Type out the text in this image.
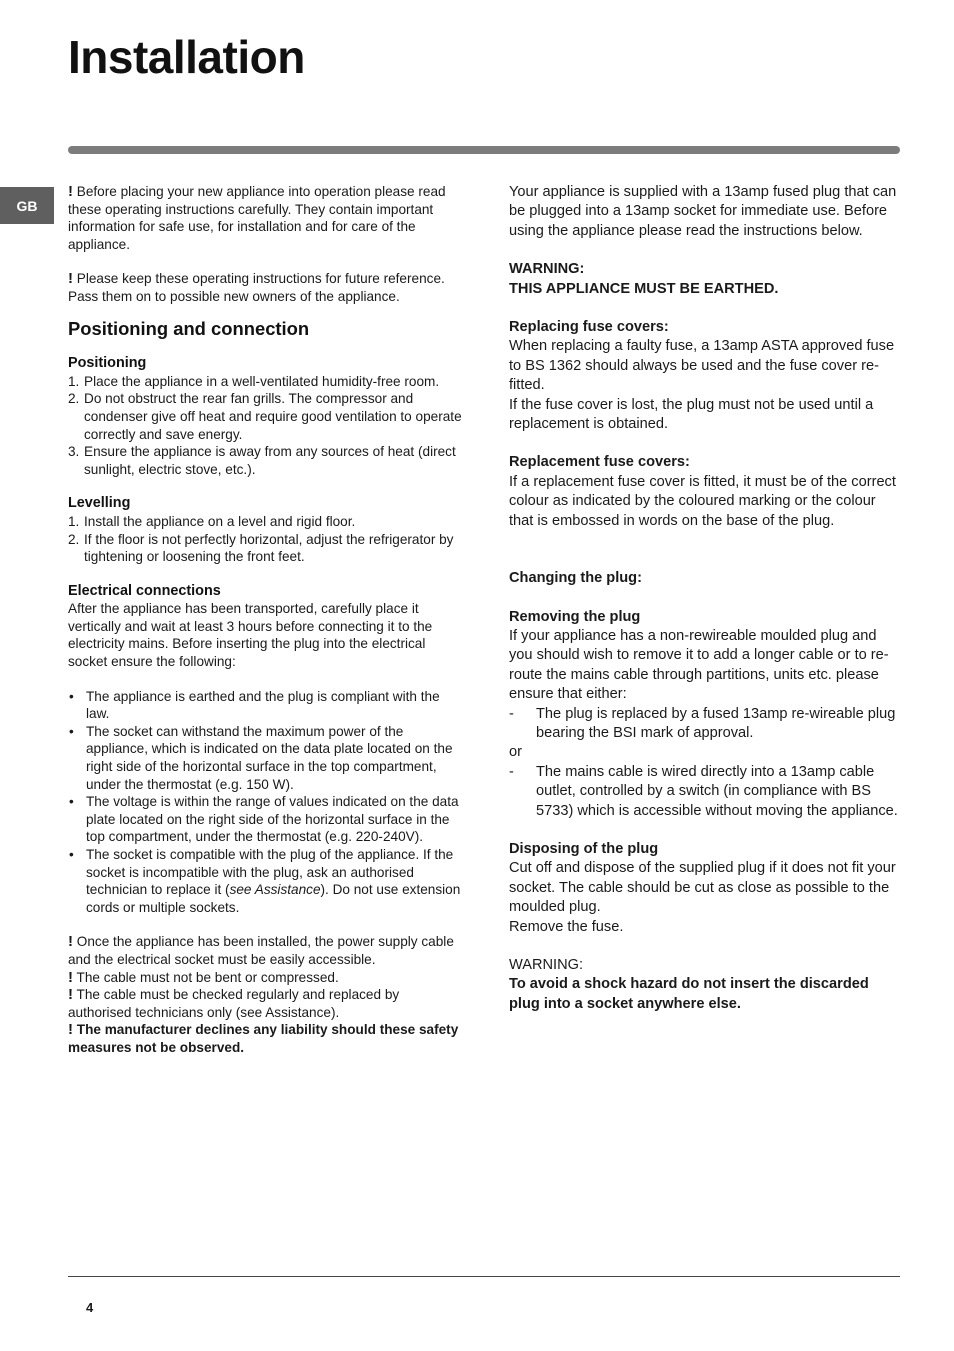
Installation
GB

! Before placing your new appliance into operation please read these operating instructions carefully. They contain important information for safe use, for installation and for care of the appliance.

! Please keep these operating instructions for future reference. Pass them on to possible new owners of the appliance.

Positioning and connection
Positioning
1. Place the appliance in a well-ventilated humidity-free room.
2. Do not obstruct the rear fan grills. The compressor and condenser give off heat and require good ventilation to operate correctly and save energy.
3. Ensure the appliance is away from any sources of heat (direct sunlight, electric stove, etc.).
Levelling
1. Install the appliance on a level and rigid floor.
2. If the floor is not perfectly horizontal, adjust the refrigerator by tightening or loosening the front feet.
Electrical connections

After the appliance has been transported, carefully place it vertically and wait at least 3 hours before connecting it to the electricity mains. Before inserting the plug into the electrical socket ensure the following:

• The appliance is earthed and the plug is compliant with the law.
• The socket can withstand the maximum power of the appliance, which is indicated on the data plate located on the right side of the horizontal surface in the top compartment, under the thermostat (e.g. 150 W).
• The voltage is within the range of values indicated on the data plate located on the right side of the horizontal surface in the top compartment, under the thermostat (e.g. 220-240V).
• The socket is compatible with the plug of the appliance. If the socket is incompatible with the plug, ask an authorised technician to replace it (see Assistance). Do not use extension cords or multiple sockets.

! Once the appliance has been installed, the power supply cable and the electrical socket must be easily accessible.

! The cable must not be bent or compressed.

! The cable must be checked regularly and replaced by authorised technicians only (see Assistance).

! The manufacturer declines any liability should these safety measures not be observed.

Your appliance is supplied with a 13amp fused plug that can be plugged into a 13amp socket for immediate use. Before using the appliance please read the instructions below.

WARNING:

THIS APPLIANCE MUST BE EARTHED.

Replacing fuse covers:

When replacing a faulty fuse, a 13amp ASTA approved fuse to BS 1362 should always be used and the fuse cover re-fitted.

If the fuse cover is lost, the plug must not be used until a replacement is obtained.

Replacement fuse covers:

If a replacement fuse cover is fitted, it must be of the correct colour as indicated by the coloured marking or the colour that is embossed in words on the base of the plug.

Changing the plug:

Removing the plug

If your appliance has a non-rewireable moulded plug and you should wish to remove it to add a longer cable or to re-route the mains cable through partitions, units etc. please ensure that either:

- The plug is replaced by a fused 13amp re-wireable plug bearing the BSI mark of approval.

or

- The mains cable is wired directly into a 13amp cable outlet, controlled by a switch (in compliance with BS 5733) which is accessible without moving the appliance.

Disposing of the plug

Cut off and dispose of the supplied plug if it does not fit your socket. The cable should be cut as close as possible to the moulded plug.

Remove the fuse.

WARNING:

To avoid a shock hazard do not insert the discarded plug into a socket anywhere else.

4
